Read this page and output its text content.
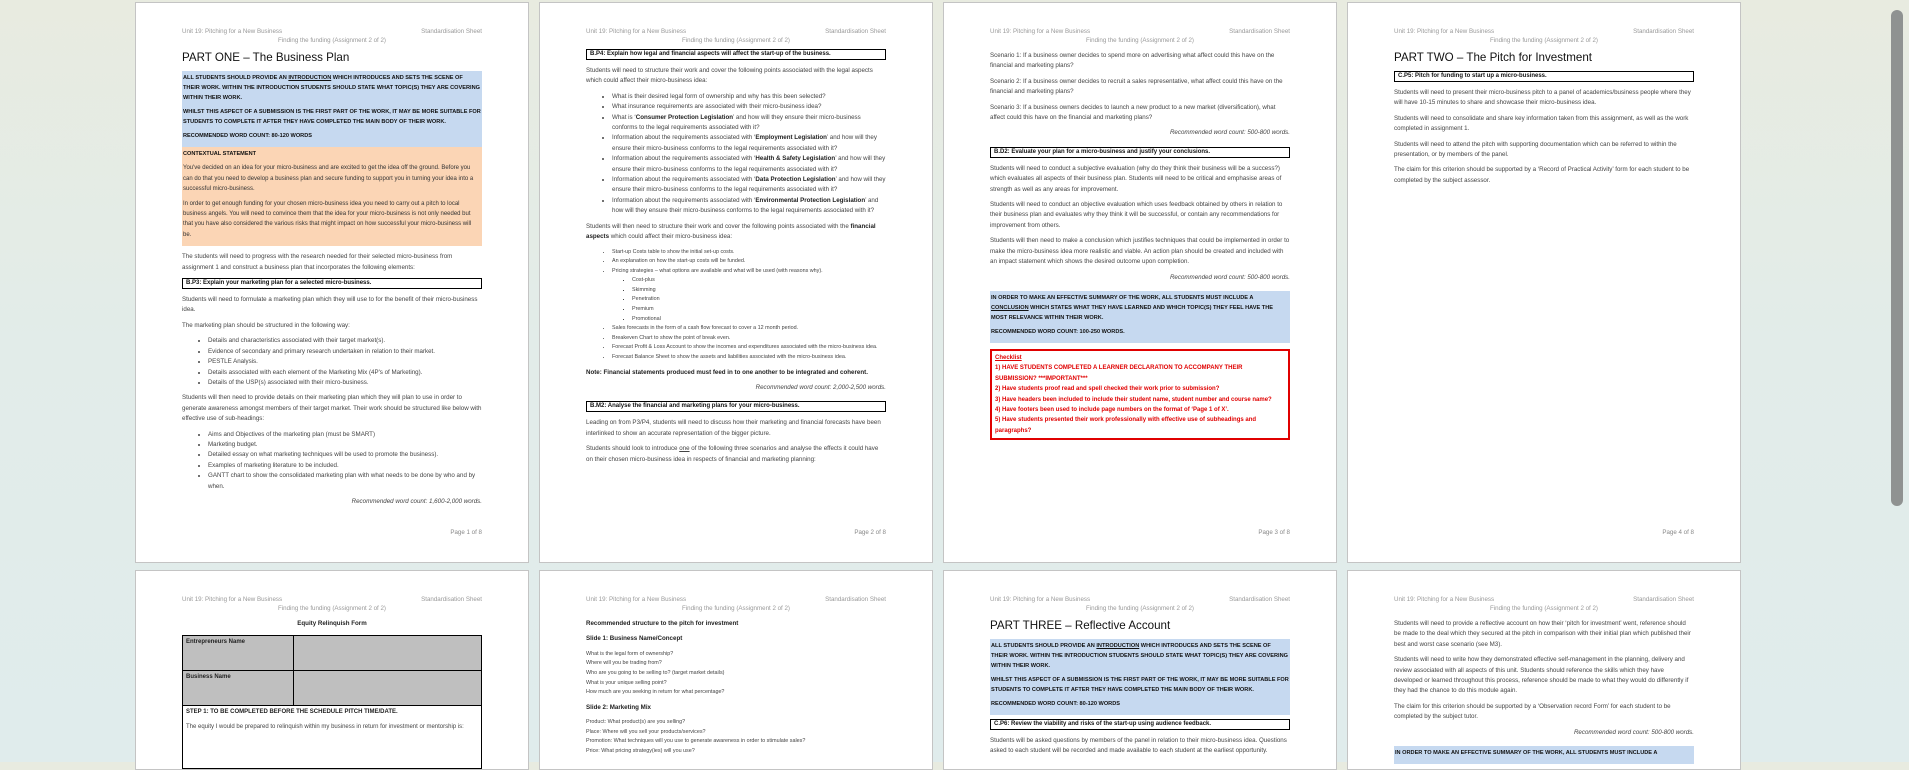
Unit 19: Pitching for a New Business	Standardisation Sheet
Finding the funding (Assignment 2 of 2)
PART ONE – The Business Plan

ALL STUDENTS SHOULD PROVIDE AN INTRODUCTION WHICH INTRODUCES AND SETS THE SCENE OF THEIR WORK. WITHIN THE INTRODUCTION STUDENTS SHOULD STATE WHAT TOPIC(S) THEY ARE COVERING WITHIN THEIR WORK.

WHILST THIS ASPECT OF A SUBMISSION IS THE FIRST PART OF THE WORK, IT MAY BE MORE SUITABLE FOR STUDENTS TO COMPLETE IT AFTER THEY HAVE COMPLETED THE MAIN BODY OF THEIR WORK.

RECOMMENDED WORD COUNT: 80-120 WORDS

CONTEXTUAL STATEMENT

You've decided on an idea for your micro-business and are excited to get the idea off the ground. Before you can do that you need to develop a business plan and secure funding to support you in turning your idea into a successful micro-business.

In order to get enough funding for your chosen micro-business idea you need to carry out a pitch to local business angels. You will need to convince them that the idea for your micro-business is not only needed but that you have also considered the various risks that might impact on how successful your micro-business will be.

The students will need to progress with the research needed for their selected micro-business from assignment 1 and construct a business plan that incorporates the following elements:

B.P3: Explain your marketing plan for a selected micro-business.

Students will need to formulate a marketing plan which they will use to for the benefit of their micro-business idea.

The marketing plan should be structured in the following way:

• Details and characteristics associated with their target market(s).
• Evidence of secondary and primary research undertaken in relation to their market.
• PESTLE Analysis.
• Details associated with each element of the Marketing Mix (4P's of Marketing).
• Details of the USP(s) associated with their micro-business.

Students will then need to provide details on their marketing plan which they will plan to use in order to generate awareness amongst members of their target market. Their work should be structured like below with effective use of sub-headings:

• Aims and Objectives of the marketing plan (must be SMART)
• Marketing budget.
• Detailed essay on what marketing techniques will be used to promote the business).
• Examples of marketing literature to be included.
• GANTT chart to show the consolidated marketing plan with what needs to be done by who and by when.
Recommended word count: 1,600-2,000 words.
Page 1 of 8
Unit 19: Pitching for a New Business	Standardisation Sheet
Finding the funding (Assignment 2 of 2)
B.P4: Explain how legal and financial aspects will affect the start-up of the business.

Students will need to structure their work and cover the following points associated with the legal aspects which could affect their micro-business idea:

• What is their desired legal form of ownership and why has this been selected?
• What insurance requirements are associated with their micro-business idea?
• What is ‘Consumer Protection Legislation’ and how will they ensure their micro-business conforms to the legal requirements associated with it?
• Information about the requirements associated with ‘Employment Legislation’ and how will they ensure their micro-business conforms to the legal requirements associated with it?
• Information about the requirements associated with ‘Health & Safety Legislation’ and how will they ensure their micro-business conforms to the legal requirements associated with it?
• Information about the requirements associated with ‘Data Protection Legislation’ and how will they ensure their micro-business conforms to the legal requirements associated with it?
• Information about the requirements associated with ‘Environmental Protection Legislation’ and how will they ensure their micro-business conforms to the legal requirements associated with it?

Students will then need to structure their work and cover the following points associated with the financial aspects which could affect their micro-business idea:

• Start-up Costs table to show the initial set-up costs.
• An explanation on how the start-up costs will be funded.
• Pricing strategies – what options are available and what will be used (with reasons why).
▪ Cost-plus
▪ Skimming
▪ Penetration
▪ Premium
▪ Promotional
• Sales forecasts in the form of a cash flow forecast to cover a 12 month period.
• Breakeven Chart to show the point of break even.
• Forecast Profit & Loss Account to show the incomes and expenditures associated with the micro-business idea.
• Forecast Balance Sheet to show the assets and liabilities associated with the micro-business idea.

Note: Financial statements produced must feed in to one another to be integrated and coherent.

Recommended word count: 2,000-2,500 words.
B.M2: Analyse the financial and marketing plans for your micro-business.

Leading on from P3/P4, students will need to discuss how their marketing and financial forecasts have been interlinked to show an accurate representation of the bigger picture.

Students should look to introduce one of the following three scenarios and analyse the effects it could have on their chosen micro-business idea in respects of financial and marketing planning:

Page 2 of 8
Unit 19: Pitching for a New Business	Standardisation Sheet
Finding the funding (Assignment 2 of 2)

Scenario 1: If a business owner decides to spend more on advertising what affect could this have on the financial and marketing plans?

Scenario 2: If a business owner decides to recruit a sales representative, what affect could this have on the financial and marketing plans?

Scenario 3: If a business owners decides to launch a new product to a new market (diversification), what affect could this have on the financial and marketing plans?

Recommended word count: 500-800 words.
B.D2: Evaluate your plan for a micro-business and justify your conclusions.

Students will need to conduct a subjective evaluation (why do they think their business will be a success?) which evaluates all aspects of their business plan. Students will need to be critical and emphasise areas of strength as well as any areas for improvement.

Students will need to conduct an objective evaluation which uses feedback obtained by others in relation to their business plan and evaluates why they think it will be successful, or contain any recommendations for improvement from others.

Students will then need to make a conclusion which justifies techniques that could be implemented in order to make the micro-business idea more realistic and viable. An action plan should be created and included with an impact statement which shows the desired outcome upon completion.

Recommended word count: 500-800 words.

IN ORDER TO MAKE AN EFFECTIVE SUMMARY OF THE WORK, ALL STUDENTS MUST INCLUDE A CONCLUSION WHICH STATES WHAT THEY HAVE LEARNED AND WHICH TOPIC(S) THEY FEEL HAVE THE MOST RELEVANCE WITHIN THEIR WORK.

RECOMMENDED WORD COUNT: 100-250 WORDS.

Checklist

1) HAVE STUDENTS COMPLETED A LEARNER DECLARATION TO ACCOMPANY THEIR SUBMISSION? ***IMPORTANT***

2) Have students proof read and spell checked their work prior to submission?

3) Have headers been included to include their student name, student number and course name?

4) Have footers been used to include page numbers on the format of ‘Page 1 of X’.

5) Have students presented their work professionally with effective use of subheadings and paragraphs?

Page 3 of 8
Unit 19: Pitching for a New Business	Standardisation Sheet
Finding the funding (Assignment 2 of 2)
PART TWO – The Pitch for Investment
C.P5: Pitch for funding to start up a micro-business.

Students will need to present their micro-business pitch to a panel of academics/business people where they will have 10-15 minutes to share and showcase their micro-business idea.

Students will need to consolidate and share key information taken from this assignment, as well as the work completed in assignment 1.

Students will need to attend the pitch with supporting documentation which can be referred to within the presentation, or by members of the panel.

The claim for this criterion should be supported by a ‘Record of Practical Activity’ form for each student to be completed by the subject assessor.

Page 4 of 8
Unit 19: Pitching for a New Business	Standardisation Sheet
Finding the funding (Assignment 2 of 2)
Equity Relinquish Form
Entrepreneurs Name	
Business Name	

STEP 1: TO BE COMPLETED BEFORE THE SCHEDULE PITCH TIME/DATE.
The equity I would be prepared to relinquish within my business in return for investment or mentorship is:	
Unit 19: Pitching for a New Business	Standardisation Sheet
Finding the funding (Assignment 2 of 2)

Recommended structure to the pitch for investment

Slide 1: Business Name/Concept

What is the legal form of ownership?
Where will you be trading from?
Who are you going to be selling to? (target market details)
What is your unique selling point?
How much are you seeking in return for what percentage?

Slide 2: Marketing Mix

Product: What product(s) are you selling?
Place: Where will you sell your products/services?
Promotion: What techniques will you use to generate awareness in order to stimulate sales?
Price: What pricing strategy(ies) will you use?
Unit 19: Pitching for a New Business	Standardisation Sheet
Finding the funding (Assignment 2 of 2)
PART THREE – Reflective Account

ALL STUDENTS SHOULD PROVIDE AN INTRODUCTION WHICH INTRODUCES AND SETS THE SCENE OF THEIR WORK. WITHIN THE INTRODUCTION STUDENTS SHOULD STATE WHAT TOPIC(S) THEY ARE COVERING WITHIN THEIR WORK.

WHILST THIS ASPECT OF A SUBMISSION IS THE FIRST PART OF THE WORK, IT MAY BE MORE SUITABLE FOR STUDENTS TO COMPLETE IT AFTER THEY HAVE COMPLETED THE MAIN BODY OF THEIR WORK.

RECOMMENDED WORD COUNT: 80-120 WORDS

C.P6: Review the viability and risks of the start-up using audience feedback.

Students will be asked questions by members of the panel in relation to their micro-business idea. Questions asked to each student will be recorded and made available to each student at the earliest opportunity.

Unit 19: Pitching for a New Business	Standardisation Sheet
Finding the funding (Assignment 2 of 2)

Students will need to provide a reflective account on how their ‘pitch for investment’ went, reference should be made to the deal which they secured at the pitch in comparison with their initial plan which published their best and worst case scenario (see M3).

Students will need to write how they demonstrated effective self-management in the planning, delivery and review associated with all aspects of this unit. Students should reference the skills which they have developed or learned throughout this process, reference should be made to what they would do differently if they had the chance to do this module again.

The claim for this criterion should be supported by a ‘Observation record Form’ for each student to be completed by the subject tutor.

Recommended word count: 500-800 words.

IN ORDER TO MAKE AN EFFECTIVE SUMMARY OF THE WORK, ALL STUDENTS MUST INCLUDE A
